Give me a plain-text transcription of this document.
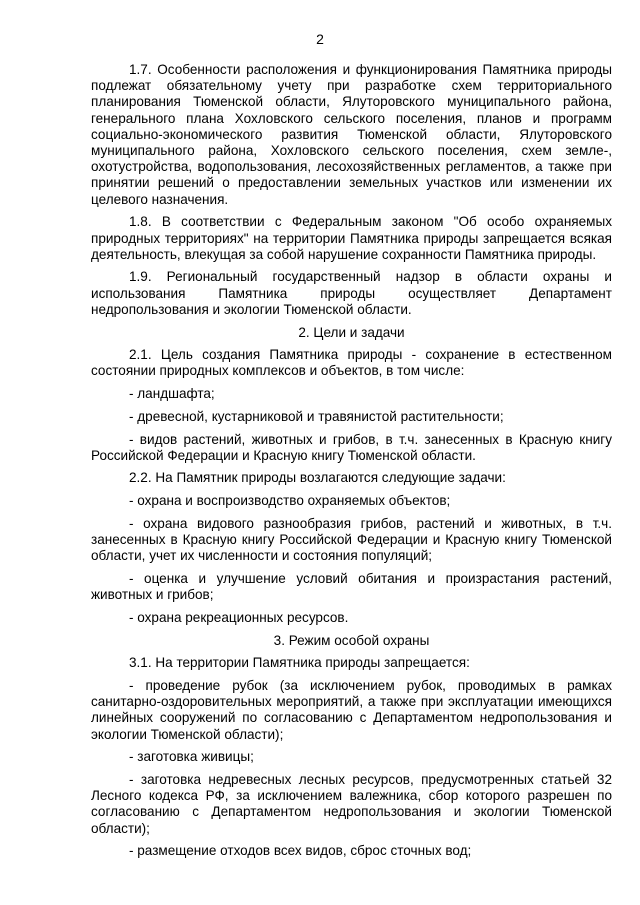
2

1.7. Особенности расположения и функционирования Памятника природы подлежат обязательному учету при разработке схем территориального планирования Тюменской области, Ялуторовского муниципального района, генерального плана Хохловского сельского поселения, планов и программ социально-экономического развития Тюменской области, Ялуторовского муниципального района, Хохловского сельского поселения, схем земле-, охотустройства, водопользования, лесохозяйственных регламентов, а также при принятии решений о предоставлении земельных участков или изменении их целевого назначения.

1.8. В соответствии с Федеральным законом "Об особо охраняемых природных территориях" на территории Памятника природы запрещается всякая деятельность, влекущая за собой нарушение сохранности Памятника природы.

1.9. Региональный государственный надзор в области охраны и использования Памятника природы осуществляет Департамент недропользования и экологии Тюменской области.

2. Цели и задачи

2.1. Цель создания Памятника природы - сохранение в естественном состоянии природных комплексов и объектов, в том числе:

- ландшафта;

- древесной, кустарниковой и травянистой растительности;

- видов растений, животных и грибов, в т.ч. занесенных в Красную книгу Российской Федерации и Красную книгу Тюменской области.

2.2. На Памятник природы возлагаются следующие задачи:

- охрана и воспроизводство охраняемых объектов;

- охрана видового разнообразия грибов, растений и животных, в т.ч. занесенных в Красную книгу Российской Федерации и Красную книгу Тюменской области, учет их численности и состояния популяций;

- оценка и улучшение условий обитания и произрастания растений, животных и грибов;

- охрана рекреационных ресурсов.

3. Режим особой охраны

3.1. На территории Памятника природы запрещается:

- проведение рубок (за исключением рубок, проводимых в рамках санитарно-оздоровительных мероприятий, а также при эксплуатации имеющихся линейных сооружений по согласованию с Департаментом недропользования и экологии Тюменской области);

- заготовка живицы;

- заготовка недревесных лесных ресурсов, предусмотренных статьей 32 Лесного кодекса РФ, за исключением валежника, сбор которого разрешен по согласованию с Департаментом недропользования и экологии Тюменской области);

- размещение отходов всех видов, сброс сточных вод;
